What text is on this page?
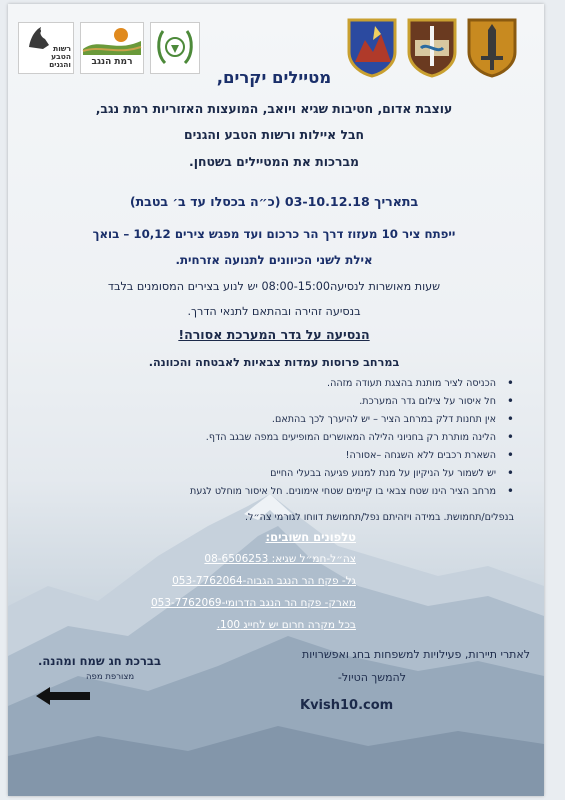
רשות הטבע והגנים	רמת הנגב
מטיילים יקרים,
עוצבת אדום, חטיבות שגיא ויואב, המועצות האזוריות רמת נגב,
חבל איילות ורשות הטבע והגנים
מברכות את המטיילים בשטחן.
בתאריך 03-10.12.18 (כ״ה בכסלו עד ב׳ בטבת)
ייפתח ציר 10 מעזוז דרך הר כרכום ועד מפגש צירים 10,12 – בואך
אילת לשני הכיוונים לתנועה אזרחית.
שעות מאושרות לנסיעה08:00-15:00 יש לנוע בצירים המסומנים בלבד
בנסיעה זהירה ובהתאם לתנאי הדרך.
הנסיעה על גדר המערכת אסורה!
במרחב פרוסות עמדות צבאיות לאבטחה והכוונה.
• הכניסה לציר מותנת בהצגת תעודה מזהה.
• חל איסור על צילום גדר המערכת.
• אין תחנות דלק במרחב הציר – יש להיערך לכך בהתאם.
• הלינה מותרת רק בחניוני הלילה המאושרים המופיעים במפה שבגב הדף.
• השארת רכבים ללא השגחה –אסורה!
• יש לשמור על הניקיון על מנת למנוע פגיעה בבעלי החיים
• מרחב הציר הינו שטח צבאי בו קיימים שטחי אימונים. חל איסור מוחלט לגעת
בנפלים/תחמושת. במידה ויזהיתם נפל/תחמושת דווחו לגורמי צה״ל.
טלפונים חשובים:
צה״ל-חמ״ל שגיא: 08-6506253
גל- פקח הר הנגב הגבוה-053-7762064
מארק- פקח הר הנגב הדרומי-053-7762069
בכל מקרה חרום יש לחייג 100.
לאתרי תיירות, פעילויות למשפחות בחג ואפשרויות
להמשך הטיול-
בברכת חג שמח ומהנה.
מצורפת מפה
Kvish10.com
